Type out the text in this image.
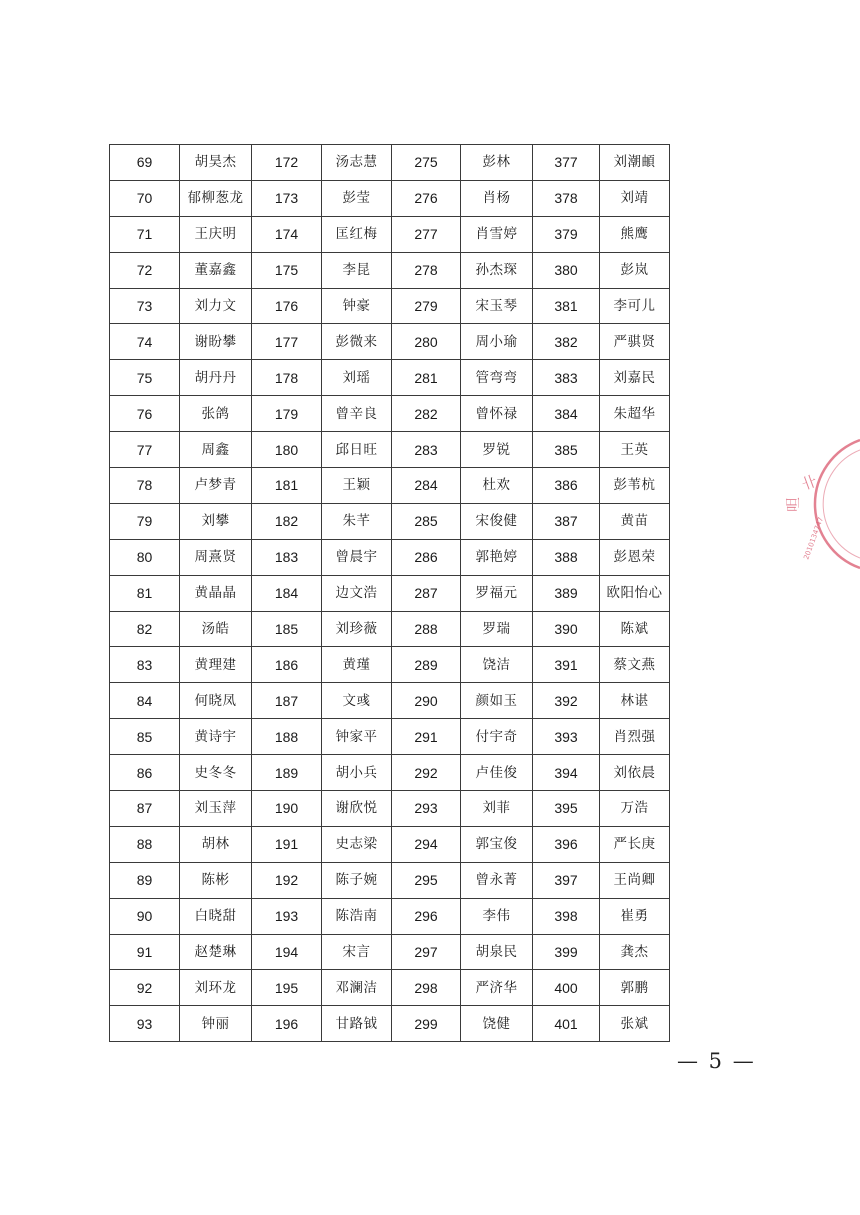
69	胡昊杰	172	汤志慧	275	彭林	377	刘潮頔
70	郁柳葱龙	173	彭莹	276	肖杨	378	刘靖
71	王庆明	174	匡红梅	277	肖雪婷	379	熊鹰
72	董嘉鑫	175	李昆	278	孙杰琛	380	彭岚
73	刘力文	176	钟豪	279	宋玉琴	381	李可儿
74	谢盼攀	177	彭微来	280	周小瑜	382	严骐贤
75	胡丹丹	178	刘瑶	281	管弯弯	383	刘嘉民
76	张鸽	179	曾辛良	282	曾怀禄	384	朱超华
77	周鑫	180	邱日旺	283	罗锐	385	王英
78	卢梦青	181	王颖	284	杜欢	386	彭苇杭
79	刘攀	182	朱芊	285	宋俊健	387	黄苗
80	周熹贤	183	曾晨宇	286	郭艳婷	388	彭恩荣
81	黄晶晶	184	边文浩	287	罗福元	389	欧阳怡心
82	汤皓	185	刘珍薇	288	罗瑞	390	陈斌
83	黄理建	186	黄瑾	289	饶洁	391	蔡文燕
84	何晓凤	187	文彧	290	颜如玉	392	林谌
85	黄诗宇	188	钟家平	291	付宇奇	393	肖烈强
86	史冬冬	189	胡小兵	292	卢佳俊	394	刘依晨
87	刘玉萍	190	谢欣悦	293	刘菲	395	万浩
88	胡林	191	史志梁	294	郭宝俊	396	严长庚
89	陈彬	192	陈子婉	295	曾永菁	397	王尚卿
90	白晓甜	193	陈浩南	296	李伟	398	崔勇
91	赵楚琳	194	宋言	297	胡泉民	399	龚杰
92	刘环龙	195	邓澜洁	298	严济华	400	郭鹏
93	钟丽	196	甘路钺	299	饶健	401	张斌
卝
呾
2010134747
— 5 —
